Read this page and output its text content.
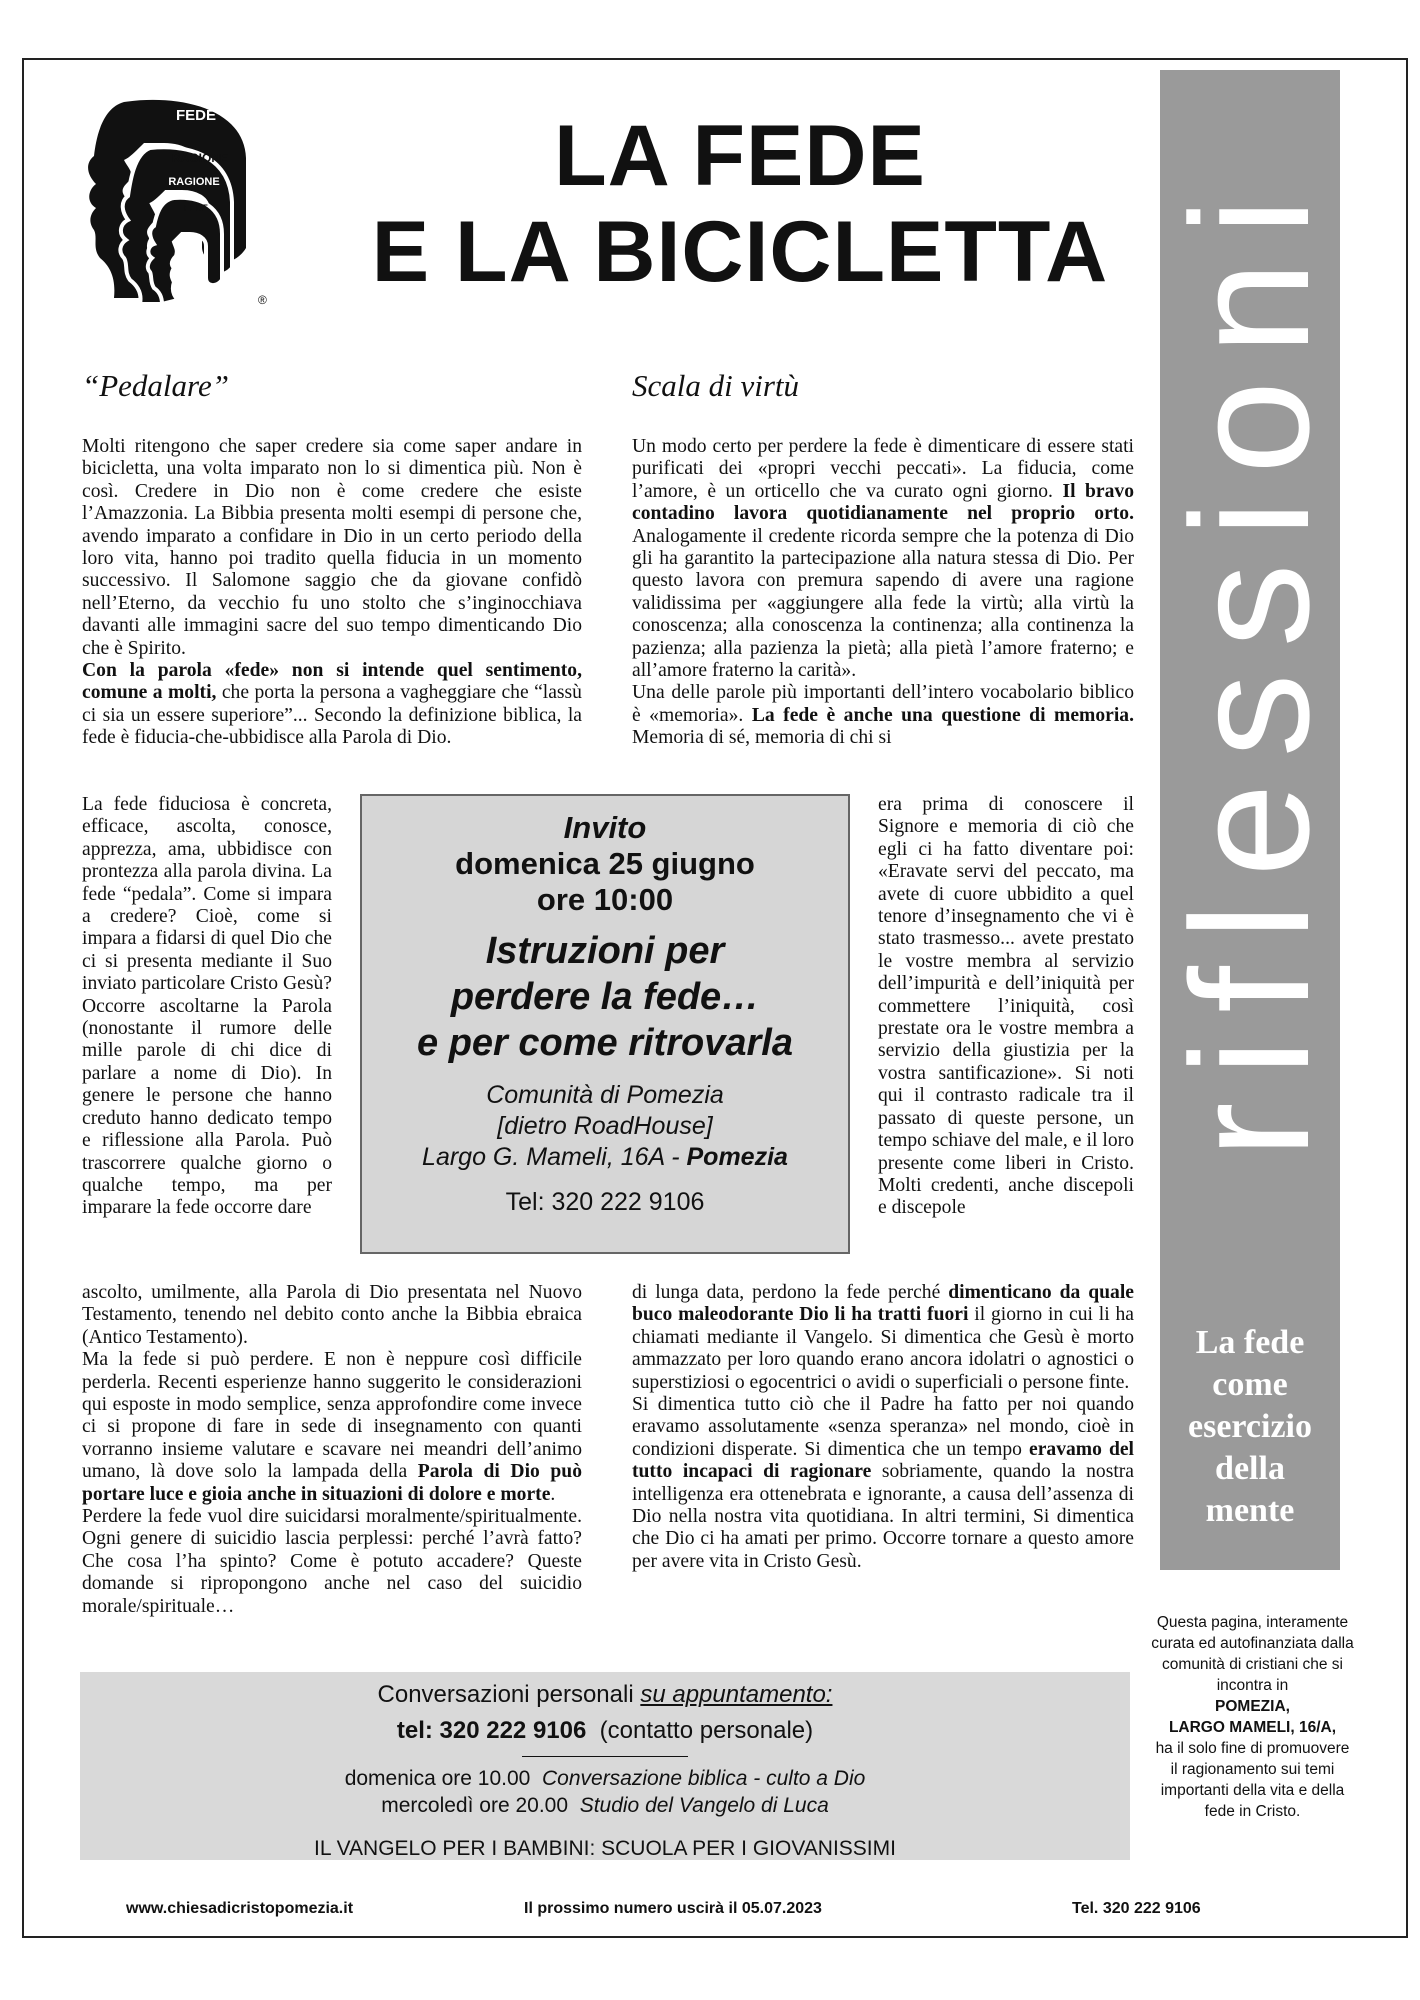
FEDE
RAGIONE
RAGIONE
FEDE
®
LA FEDE
E LA BICICLETTA riflessioni
La fede
come
esercizio
della
mente
Questa pagina, interamente curata ed autofinanziata dalla comunità di cristiani che si incontra in
POMEZIA,
LARGO MAMELI, 16/A,
ha il solo fine di promuovere il ragionamento sui temi importanti della vita e della fede in Cristo.
“Pedalare”	Scala di virtù

Molti ritengono che saper credere sia come saper andare in bicicletta, una volta imparato non lo si dimentica più. Non è così. Credere in Dio non è come credere che esiste l’Amazzonia. La Bibbia presenta molti esempi di persone che, avendo imparato a confidare in Dio in un certo periodo della loro vita, hanno poi tradito quella fiducia in un momento successivo. Il Salomone saggio che da giovane confidò nell’Eterno, da vecchio fu uno stolto che s’inginocchiava davanti alle immagini sacre del suo tempo dimenticando Dio che è Spirito.

Con la parola «fede» non si intende quel sentimento, comune a molti, che porta la persona a vagheggiare che “lassù ci sia un essere superiore”... Secondo la definizione biblica, la fede è fiducia-che-ubbidisce alla Parola di Dio.

La fede fiduciosa è concreta, efficace, ascolta, conosce, apprezza, ama, ubbidisce con prontezza alla parola divina. La fede “pedala”. Come si impara a credere? Cioè, come si impara a fidarsi di quel Dio che ci si presenta mediante il Suo inviato particolare Cristo Gesù? Occorre ascoltarne la Parola (nonostante il rumore delle mille parole di chi dice di parlare a nome di Dio). In genere le persone che hanno creduto hanno dedicato tempo e riflessione alla Parola. Può trascorrere qualche giorno o qualche tempo, ma per imparare la fede occorre dare

ascolto, umilmente, alla Parola di Dio presentata nel Nuovo Testamento, tenendo nel debito conto anche la Bibbia ebraica (Antico Testamento).

Ma la fede si può perdere. E non è neppure così difficile perderla. Recenti esperienze hanno suggerito le considerazioni qui esposte in modo semplice, senza approfondire come invece ci si propone di fare in sede di insegnamento con quanti vorranno insieme valutare e scavare nei meandri dell’animo umano, là dove solo la lampada della Parola di Dio può portare luce e gioia anche in situazioni di dolore e morte.

Perdere la fede vuol dire suicidarsi moralmente/spiritualmente. Ogni genere di suicidio lascia perplessi: perché l’avrà fatto? Che cosa l’ha spinto? Come è potuto accadere? Queste domande si ripropongono anche nel caso del suicidio morale/spirituale…

Un modo certo per perdere la fede è dimenticare di essere stati purificati dei «propri vecchi peccati». La fiducia, come l’amore, è un orticello che va curato ogni giorno. Il bravo contadino lavora quotidianamente nel proprio orto. Analogamente il credente ricorda sempre che la potenza di Dio gli ha garantito la partecipazione alla natura stessa di Dio. Per questo lavora con premura sapendo di avere una ragione validissima per «aggiungere alla fede la virtù; alla virtù la conoscenza; alla conoscenza la continenza; alla continenza la pazienza; alla pazienza la pietà; alla pietà l’amore fraterno; e all’amore fraterno la carità».

Una delle parole più importanti dell’intero vocabolario biblico è «memoria». La fede è anche una questione di memoria. Memoria di sé, memoria di chi si

era prima di conoscere il Signore e memoria di ciò che egli ci ha fatto diventare poi: «Eravate servi del peccato, ma avete di cuore ubbidito a quel tenore d’insegnamento che vi è stato trasmesso... avete prestato le vostre membra al servizio dell’impurità e dell’iniquità per commettere l’iniquità, così prestate ora le vostre membra a servizio della giustizia per la vostra santificazione». Si noti qui il contrasto radicale tra il passato di queste persone, un tempo schiave del male, e il loro presente come liberi in Cristo. Molti credenti, anche discepoli e discepole

di lunga data, perdono la fede perché dimenticano da quale buco maleodorante Dio li ha tratti fuori il giorno in cui li ha chiamati mediante il Vangelo. Si dimentica che Gesù è morto ammazzato per loro quando erano ancora idolatri o agnostici o superstiziosi o egocentrici o avidi o superficiali o persone finte.

Si dimentica tutto ciò che il Padre ha fatto per noi quando eravamo assolutamente «senza speranza» nel mondo, cioè in condizioni disperate. Si dimentica che un tempo eravamo del tutto incapaci di ragionare sobriamente, quando la nostra intelligenza era ottenebrata e ignorante, a causa dell’assenza di Dio nella nostra vita quotidiana. In altri termini, Si dimentica che Dio ci ha amati per primo. Occorre tornare a questo amore per avere vita in Cristo Gesù.

Invito
domenica 25 giugno
ore 10:00
Istruzioni per
perdere la fede…
e per come ritrovarla
Comunità di Pomezia
[dietro RoadHouse]
Largo G. Mameli, 16A - Pomezia
Tel: 320 222 9106
Conversazioni personali su appuntamento:
tel: 320 222 9106  (contatto personale)
domenica ore 10.00  Conversazione biblica - culto a Dio
mercoledì ore 20.00  Studio del Vangelo di Luca
IL VANGELO PER I BAMBINI: SCUOLA PER I GIOVANISSIMI
www.chiesadicristopomezia.it	Il prossimo numero uscirà il 05.07.2023	Tel. 320 222 9106
